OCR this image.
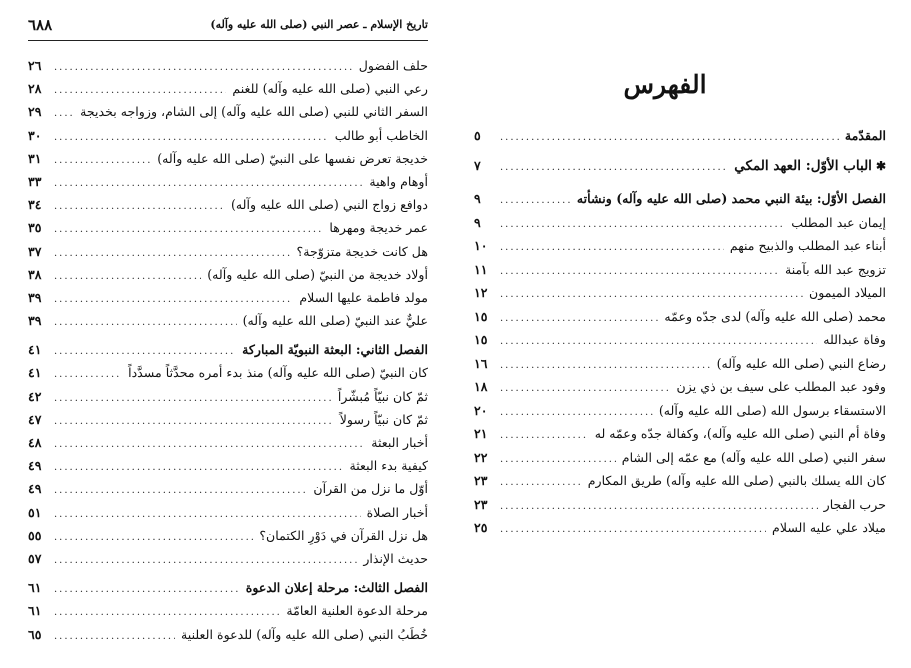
تاريخ الإسلام ـ عصر النبي (صلى الله عليه وآله)
٦٨٨
حلف الفضول
.....
٢٦
رعي النبي (صلى الله عليه وآله) للغنم
.....
٢٨
السفر الثاني للنبي (صلى الله عليه وآله) إلى الشام، وزواجه بخديجة
.....
٢٩
الخاطب أبو طالب
.....
٣٠
خديجة تعرض نفسها على النبيّ (صلى الله عليه وآله)
.....
٣١
أوهام واهية
.....
٣٣
دوافع زواج النبي (صلى الله عليه وآله)
.....
٣٤
عمر خديجة ومهرها
.....
٣٥
هل كانت خديجة متزوّجة؟
.....
٣٧
أولاد خديجة من النبيّ (صلى الله عليه وآله)
.....
٣٨
مولد فاطمة عليها السلام
.....
٣٩
عليٌّ عند النبيّ (صلى الله عليه وآله)
.....
٣٩
الفصل الثاني: البعثة النبويّة المباركة
.....
٤١
كان النبيّ (صلى الله عليه وآله) منذ بدء أمره محدَّثاً مسدَّداً
.....
٤١
ثمّ كان نبيّاً مُبشّراً
.....
٤٢
ثمّ كان نبيّاً رسولاً
.....
٤٧
أخبار البعثة
.....
٤٨
كيفية بدء البعثة
.....
٤٩
أوّل ما نزل من القرآن
.....
٤٩
أخبار الصلاة
.....
٥١
هل نزل القرآن في دَوْرِ الكتمان؟
.....
٥٥
حديث الإنذار
.....
٥٧
الفصل الثالث: مرحلة إعلان الدعوة
.....
٦١
مرحلة الدعوة العلنية العامّة
.....
٦١
خُطَبُ النبي (صلى الله عليه وآله) للدعوة العلنية
.....
٦٥
الفهرس
المقدّمة
.....
٥
✱الباب الأوّل: العهد المكي
.....
٧
الفصل الأوّل: بيئة النبي محمد (صلى الله عليه وآله) ونشأته
.....
٩
إيمان عبد المطلب
.....
٩
أبناء عبد المطلب والذبيح منهم
.....
١٠
تزويج عبد الله بآمنة
.....
١١
الميلاد الميمون
.....
١٢
محمد (صلى الله عليه وآله) لدى جدّه وعمّه
.....
١٥
وفاة عبدالله
.....
١٥
رضاع النبي (صلى الله عليه وآله)
.....
١٦
وفود عبد المطلب على سيف بن ذي يزن
.....
١٨
الاستسقاء برسول الله (صلى الله عليه وآله)
.....
٢٠
وفاة أم النبي (صلى الله عليه وآله)، وكفالة جدّه وعمّه له
.....
٢١
سفر النبي (صلى الله عليه وآله) مع عمّه إلى الشام
.....
٢٢
كان الله يسلك بالنبي (صلى الله عليه وآله) طريق المكارم
.....
٢٣
حرب الفجار
.....
٢٣
ميلاد علي عليه السلام
.....
٢٥
